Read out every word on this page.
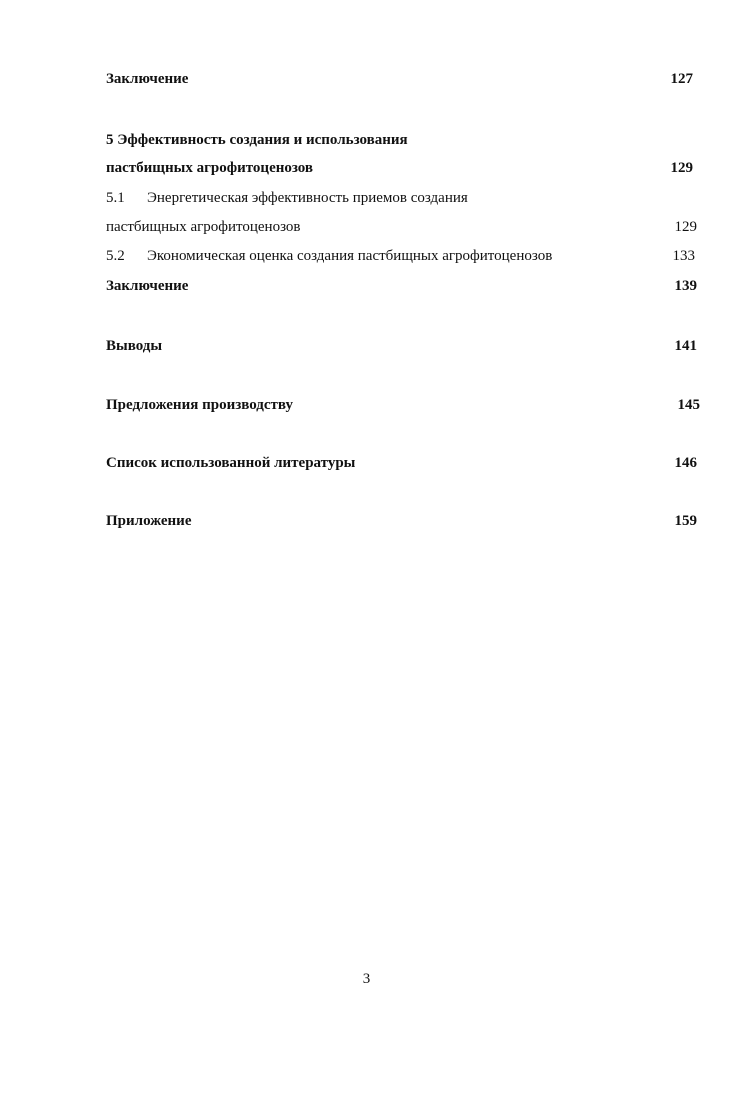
Заключение	127
5 Эффективность создания и использования
пастбищных агрофитоценозов	129
5.1 Энергетическая эффективность приемов создания
пастбищных агрофитоценозов	129
5.2 Экономическая оценка создания пастбищных агрофитоценозов	133
Заключение	139
Выводы	141
Предложения производству	145
Список использованной литературы	146
Приложение	159
3
